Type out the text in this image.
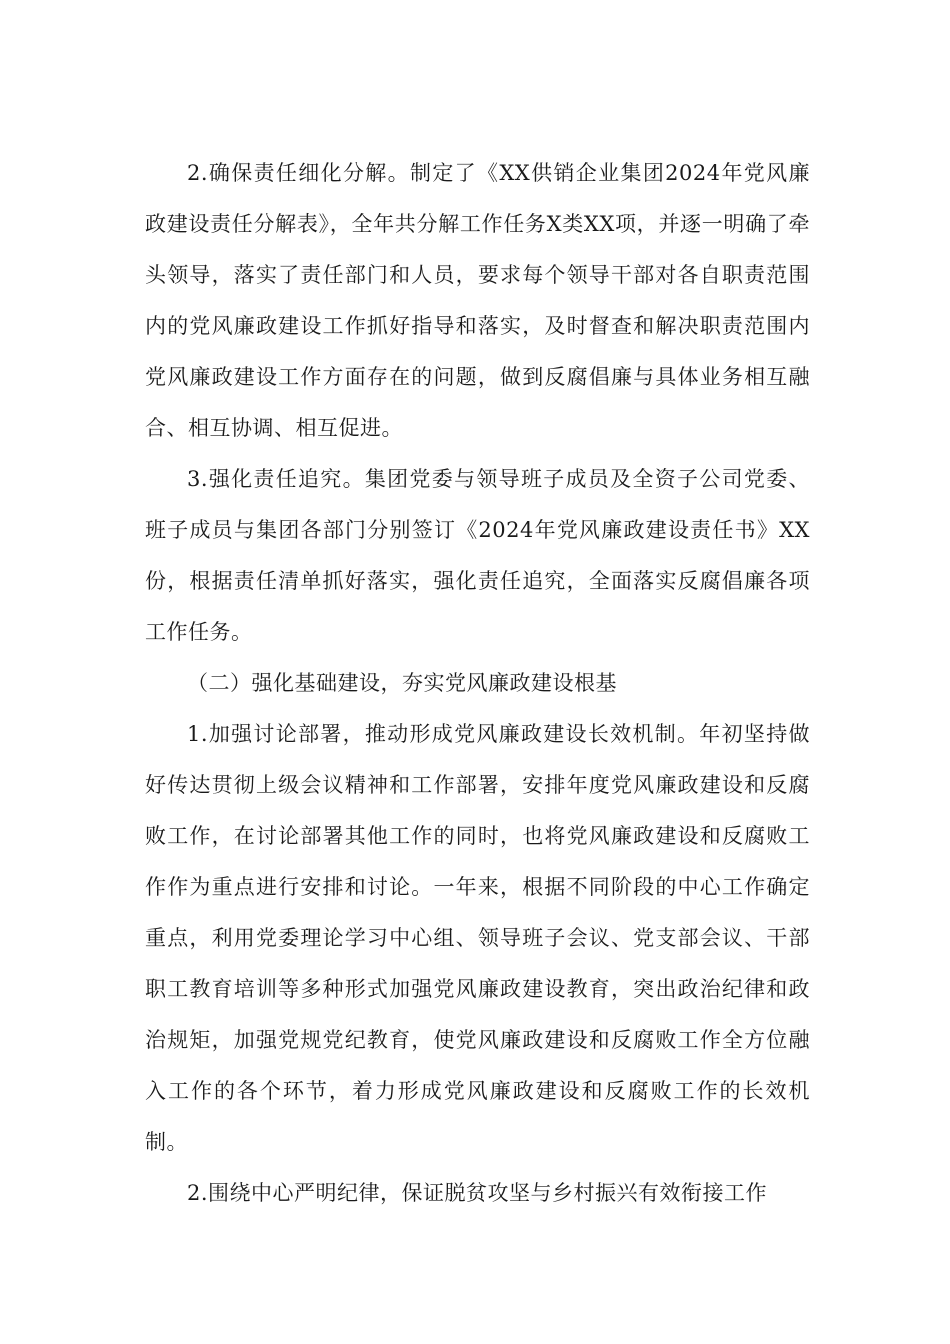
2.确保责任细化分解。制定了《XX供销企业集团2024年党风廉政建设责任分解表》，全年共分解工作任务X类XX项，并逐一明确了牵头领导，落实了责任部门和人员，要求每个领导干部对各自职责范围内的党风廉政建设工作抓好指导和落实，及时督查和解决职责范围内党风廉政建设工作方面存在的问题，做到反腐倡廉与具体业务相互融合、相互协调、相互促进。

3.强化责任追究。集团党委与领导班子成员及全资子公司党委、班子成员与集团各部门分别签订《2024年党风廉政建设责任书》XX份，根据责任清单抓好落实，强化责任追究，全面落实反腐倡廉各项工作任务。

（二）强化基础建设，夯实党风廉政建设根基

1.加强讨论部署，推动形成党风廉政建设长效机制。年初坚持做好传达贯彻上级会议精神和工作部署，安排年度党风廉政建设和反腐败工作，在讨论部署其他工作的同时，也将党风廉政建设和反腐败工作作为重点进行安排和讨论。一年来，根据不同阶段的中心工作确定重点，利用党委理论学习中心组、领导班子会议、党支部会议、干部职工教育培训等多种形式加强党风廉政建设教育，突出政治纪律和政治规矩，加强党规党纪教育，使党风廉政建设和反腐败工作全方位融入工作的各个环节，着力形成党风廉政建设和反腐败工作的长效机制。

2.围绕中心严明纪律，保证脱贫攻坚与乡村振兴有效衔接工作
